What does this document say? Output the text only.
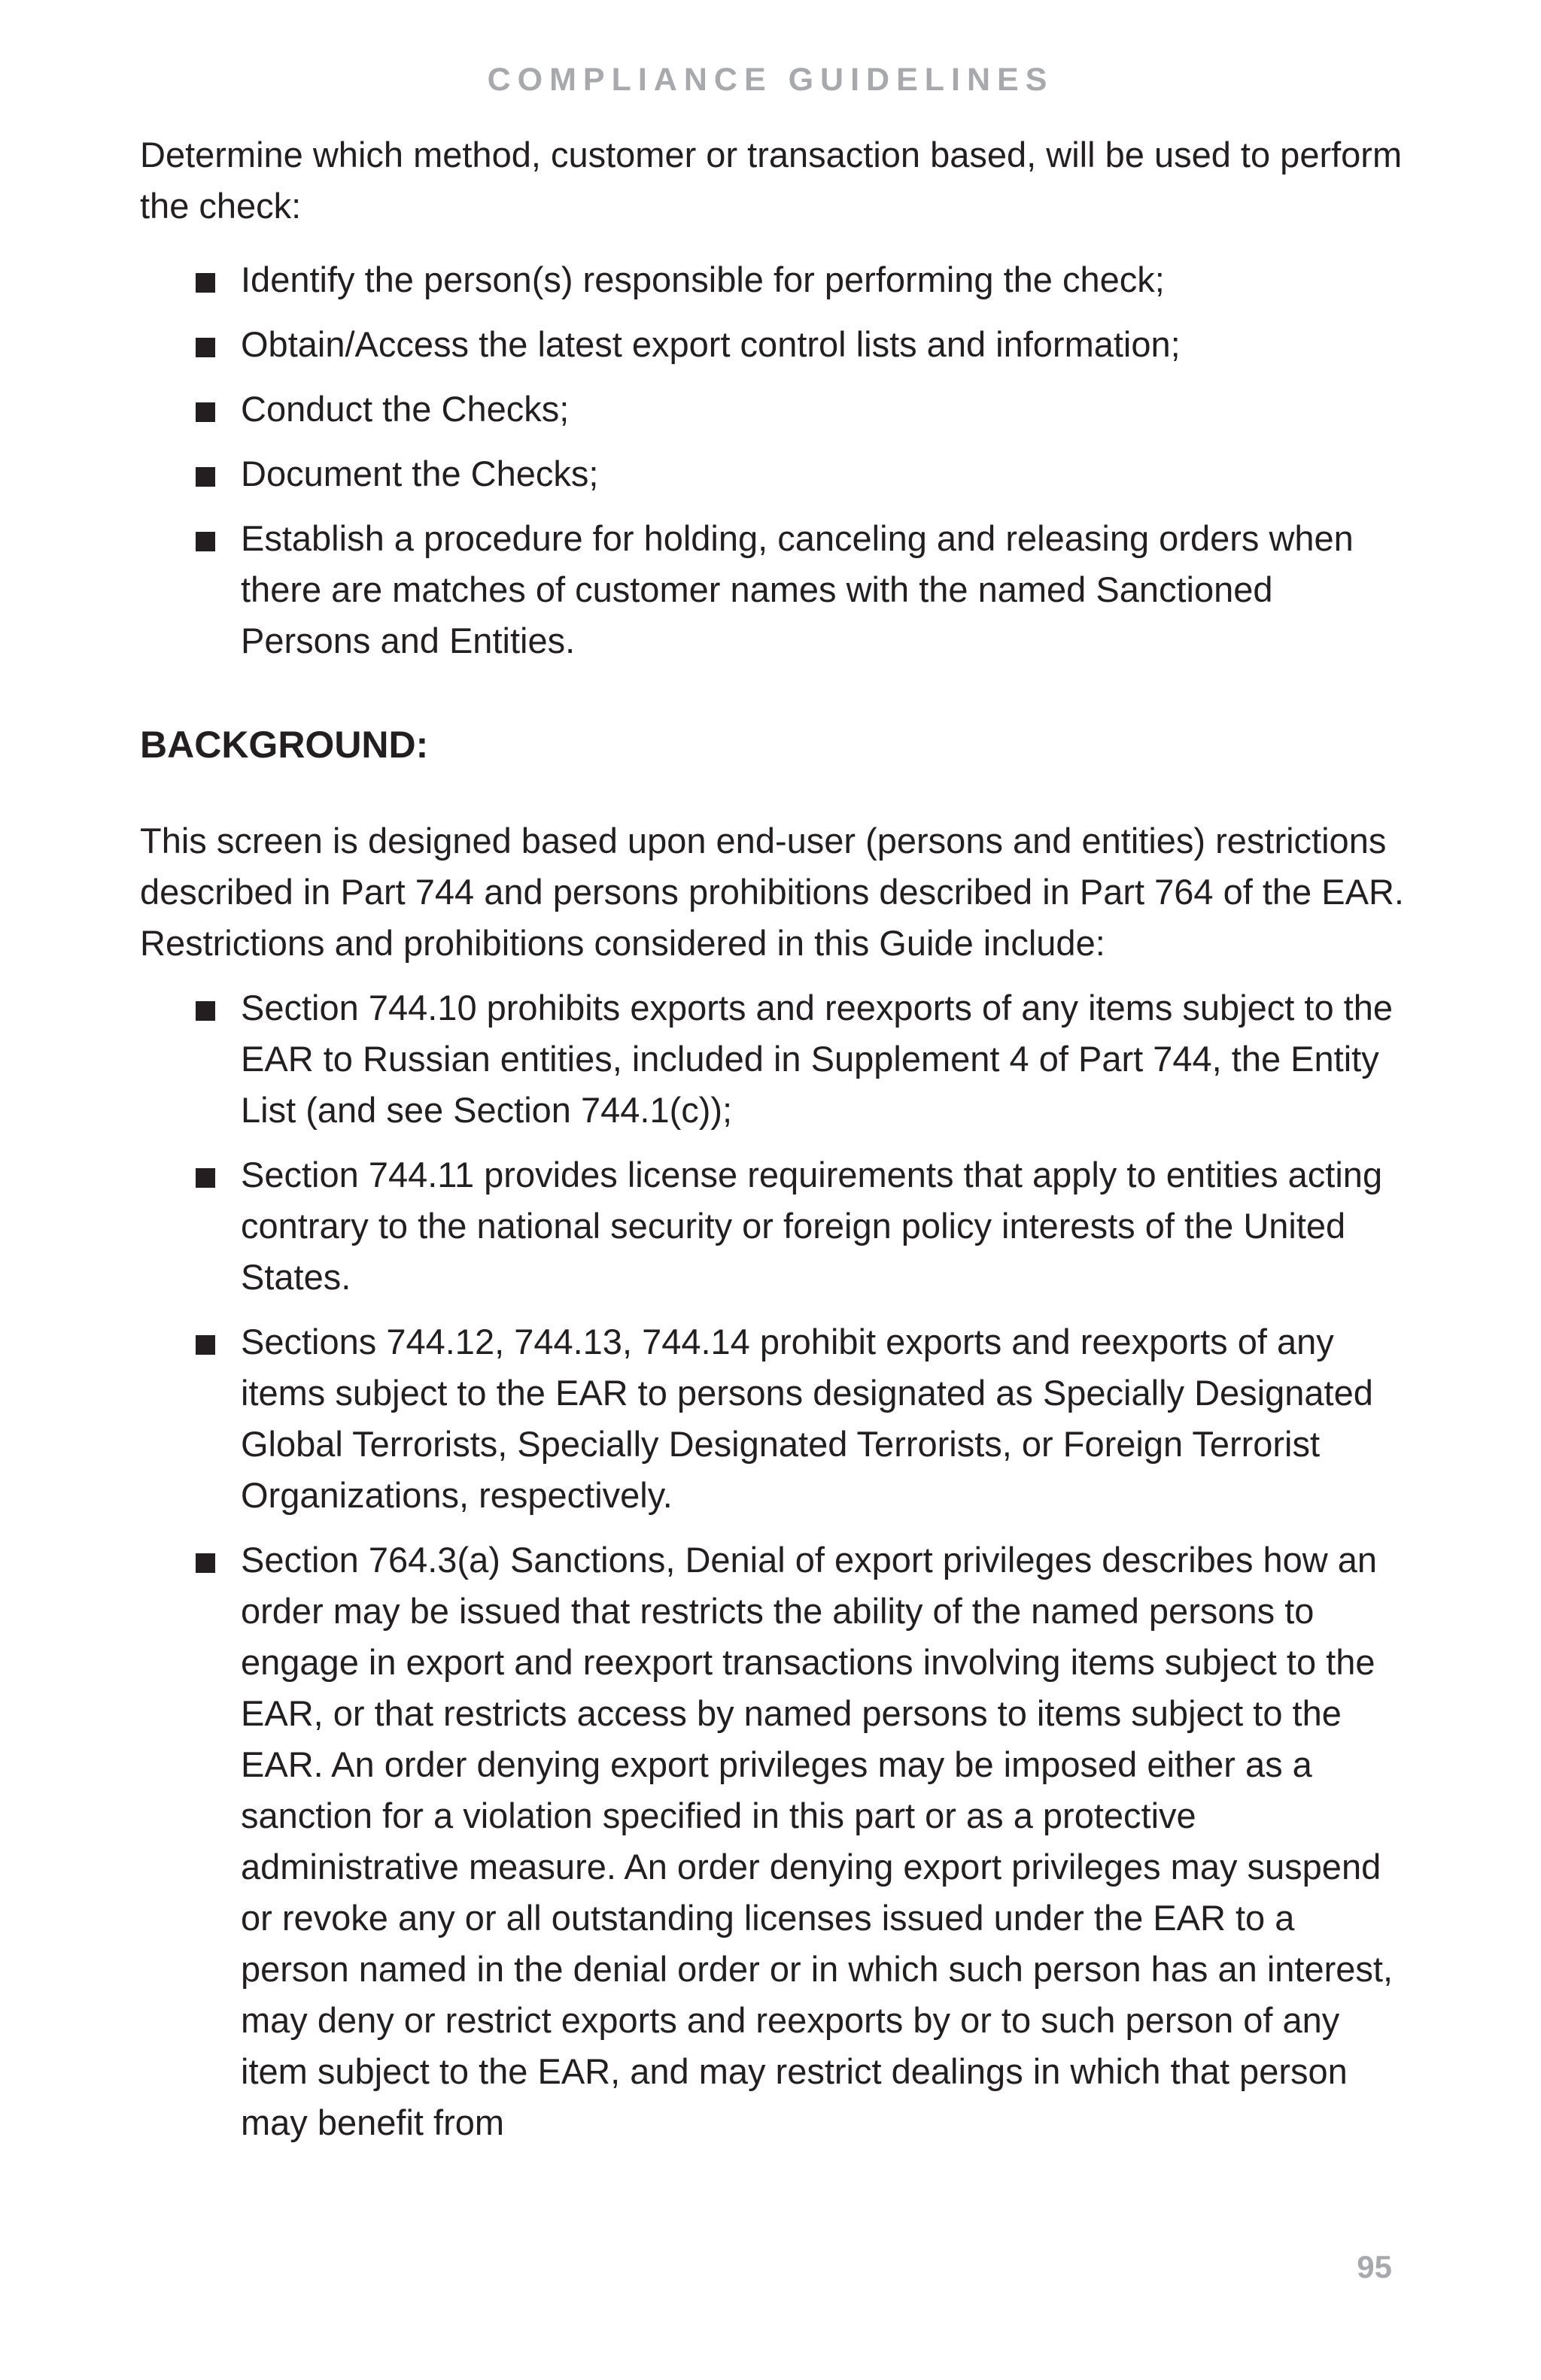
COMPLIANCE GUIDELINES

Determine which method, customer or transaction based, will be used to perform the check:

Identify the person(s) responsible for performing the check;
Obtain/Access the latest export control lists and information;
Conduct the Checks;
Document the Checks;
Establish a procedure for holding, canceling and releasing orders when there are matches of customer names with the named Sanctioned Persons and Entities.

BACKGROUND:

This screen is designed based upon end-user (persons and entities) restrictions described in Part 744 and persons prohibitions described in Part 764 of the EAR. Restrictions and prohibitions considered in this Guide include:

Section 744.10 prohibits exports and reexports of any items subject to the EAR to Russian entities, included in Supplement 4 of Part 744, the Entity List (and see Section 744.1(c));
Section 744.11 provides license requirements that apply to entities acting contrary to the national security or foreign policy interests of the United States.
Sections 744.12, 744.13, 744.14 prohibit exports and reexports of any items subject to the EAR to persons designated as Specially Designated Global Terrorists, Specially Designated Terrorists, or Foreign Terrorist Organizations, respectively.
Section 764.3(a) Sanctions, Denial of export privileges describes how an order may be issued that restricts the ability of the named persons to engage in export and reexport transactions involving items subject to the EAR, or that restricts access by named persons to items subject to the EAR. An order denying export privileges may be imposed either as a sanction for a violation specified in this part or as a protective administrative measure. An order denying export privileges may suspend or revoke any or all outstanding licenses issued under the EAR to a person named in the denial order or in which such person has an interest, may deny or restrict exports and reexports by or to such person of any item subject to the EAR, and may restrict dealings in which that person may benefit from
95
